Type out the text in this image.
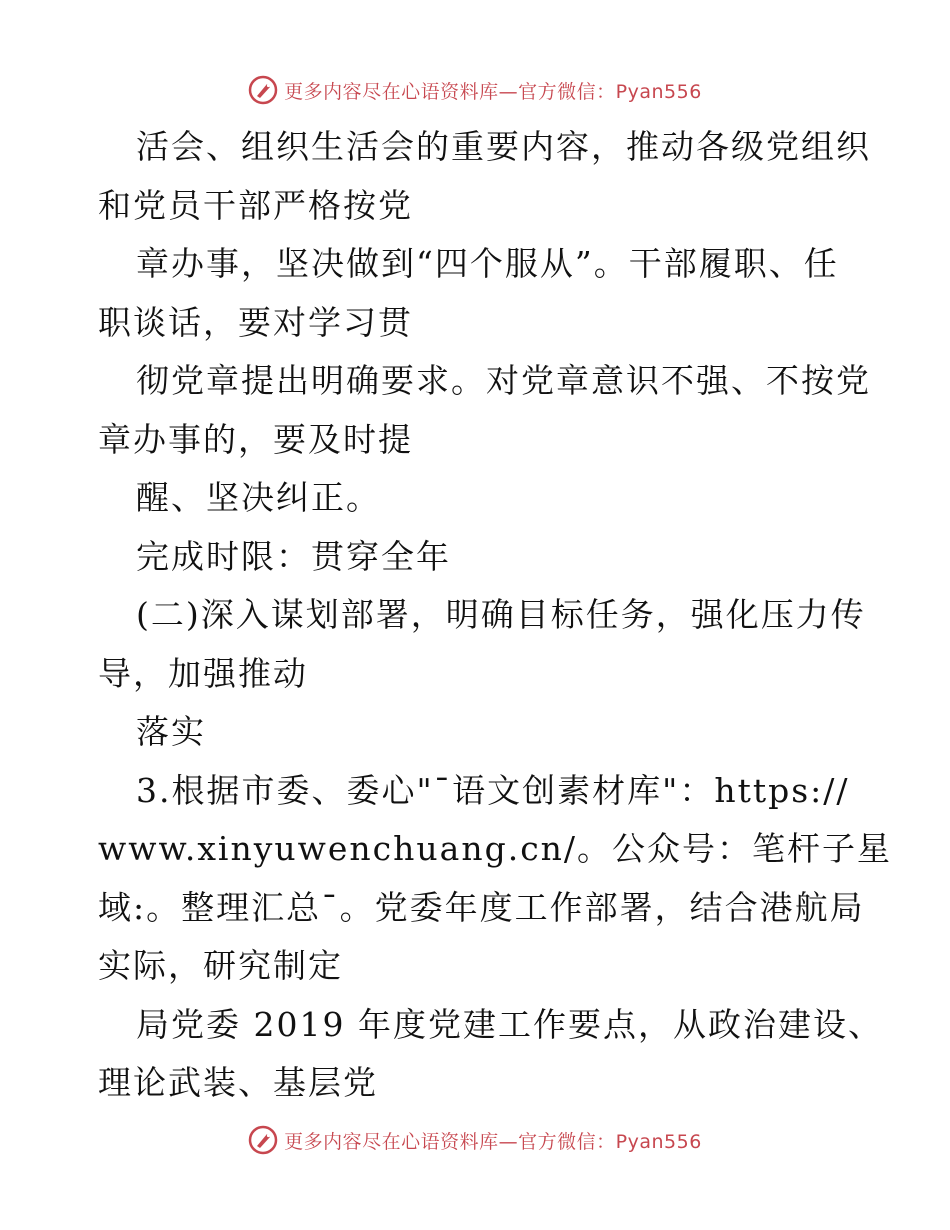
更多内容尽在心语资料库—官方微信：Pyan556
活会、组织生活会的重要内容，推动各级党组织
和党员干部严格按党
章办事，坚决做到“四个服从”。干部履职、任
职谈话，要对学习贯
彻党章提出明确要求。对党章意识不强、不按党
章办事的，要及时提
醒、坚决纠正。
完成时限：贯穿全年
(二)深入谋划部署，明确目标任务，强化压力传
导，加强推动
落实
3.根据市委、委心"¯语文创素材库"：https://
www.xinyuwenchuang.cn/。公众号：笔杆子星
域:。整理汇总¯。党委年度工作部署，结合港航局
实际，研究制定
局党委 2019 年度党建工作要点，从政治建设、
理论武装、基层党
更多内容尽在心语资料库—官方微信：Pyan556
